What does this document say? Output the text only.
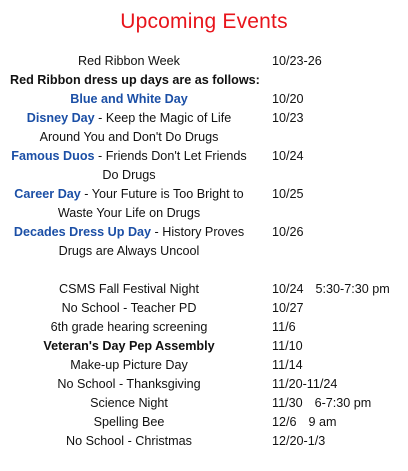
Upcoming Events
Red Ribbon Week	10/23-26
Red Ribbon dress up days are as follows:
Blue and White Day	10/20
Disney Day - Keep the Magic of Life	10/23
Around You and Don't Do Drugs
Famous Duos - Friends Don't Let Friends 10/24
Do Drugs
Career Day - Your Future is Too Bright to	10/25
Waste Your Life on Drugs
Decades Dress Up Day - History Proves	10/26
Drugs are Always Uncool
CSMS Fall Festival Night	10/24 5:30-7:30 pm
No School - Teacher PD	10/27
6th grade hearing screening	11/6
Veteran's Day Pep Assembly	11/10
Make-up Picture Day	11/14
No School - Thanksgiving	11/20-11/24
Science Night	11/30 6-7:30 pm
Spelling Bee	12/6 9 am
No School - Christmas	12/20-1/3
